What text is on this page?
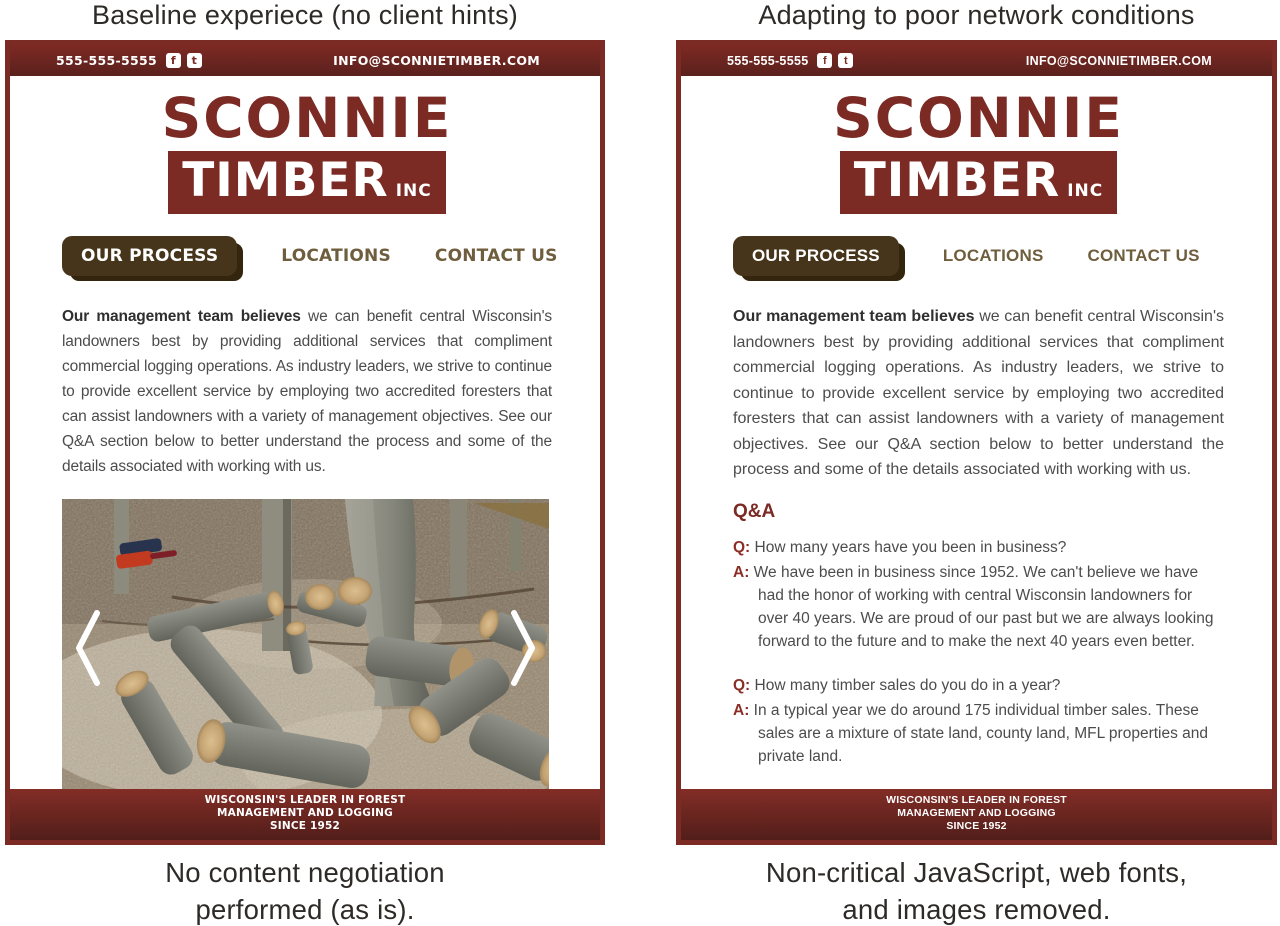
Baseline experiece (no client hints)	Adapting to poor network conditions
555-555-5555	f	t	INFO@SCONNIETIMBER.COM
SCONNIE
TIMBER INC
OUR PROCESS	LOCATIONS	CONTACT US

Our management team believes we can benefit central Wisconsin's landowners best by providing additional services that compliment commercial logging operations. As industry leaders, we strive to continue to provide excellent service by employing two accredited foresters that can assist landowners with a variety of management objectives. See our Q&A section below to better understand the process and some of the details associated with working with us.

WISCONSIN'S LEADER IN FOREST
MANAGEMENT AND LOGGING
SINCE 1952
555-555-5555	f	t	INFO@SCONNIETIMBER.COM
SCONNIE
TIMBER INC
OUR PROCESS	LOCATIONS	CONTACT US

Our management team believes we can benefit central Wisconsin's landowners best by providing additional services that compliment commercial logging operations. As industry leaders, we strive to continue to provide excellent service by employing two accredited foresters that can assist landowners with a variety of management objectives. See our Q&A section below to better understand the process and some of the details associated with working with us.

Q&A
Q: How many years have you been in business?
A: We have been in business since 1952. We can't believe we have had the honor of working with central Wisconsin landowners for over 40 years. We are proud of our past but we are always looking forward to the future and to make the next 40 years even better.
Q: How many timber sales do you do in a year?
A: In a typical year we do around 175 individual timber sales. These sales are a mixture of state land, county land, MFL properties and private land.
WISCONSIN'S LEADER IN FOREST
MANAGEMENT AND LOGGING
SINCE 1952
No content negotiation
performed (as is).
Non-critical JavaScript, web fonts,
and images removed.
